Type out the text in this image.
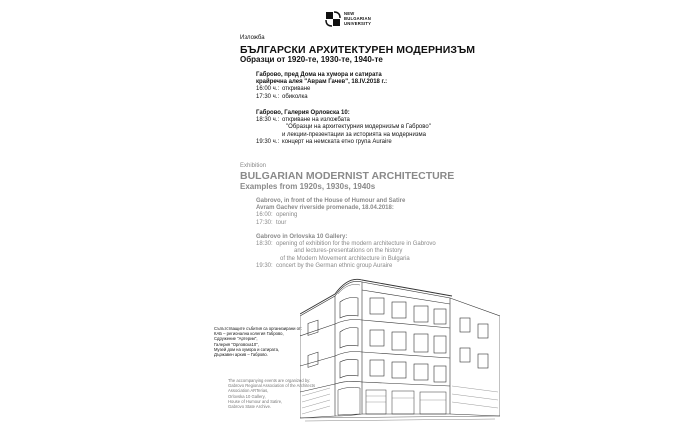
NEW
BULGARIAN
UNIVERSITY
Изложба
БЪЛГАРСКИ АРХИТЕКТУРЕН МОДЕРНИЗЪМ
Образци от 1920-те, 1930-те, 1940-те
Габрово, пред Дома на хумора и сатирата
крайречна алея "Аврам Гачев", 18.IV.2018 г.:
16:00 ч.: откриване
17:30 ч.: обиколка
Габрово, Галерия Орловска 10:
18:30 ч.: откриване на изложбата
"Образци на архитектурния модернизъм в Габрово"
и лекции-презентации за историята на модернизма
19:30 ч.: концерт на немската етно група Auraire
Exhibition
BULGARIAN MODERNIST ARCHITECTURE
Examples from 1920s, 1930s, 1940s
Gabrovo, in front of the House of Humour and Satire
Avram Gachev riverside promenade, 18.04.2018:
16:00: opening
17:30: tour
Gabrovo in Orlovska 10 Gallery:
18:30: opening of exhibition for the modern architecture in Gabrovo
and lectures-presentations on the history
of the Modern Movement architecture in Bulgaria
19:30: concert by the German ethnic group Auraire
Съпътстващите събития са организирани от:
КАБ – регионална колегия Габрово,
Сдружение "Артерии",
Галерия "Орловска10",
Музей дом на хумора и сатирата,
Държавен архив – Габрово.
The accompanying events are organized by:
Gabrovo Regional Association of the Architects
Association ARTerias,
Orlovska 10 Gallery,
House of Humour and Satire,
Gabrovo State Archive.
